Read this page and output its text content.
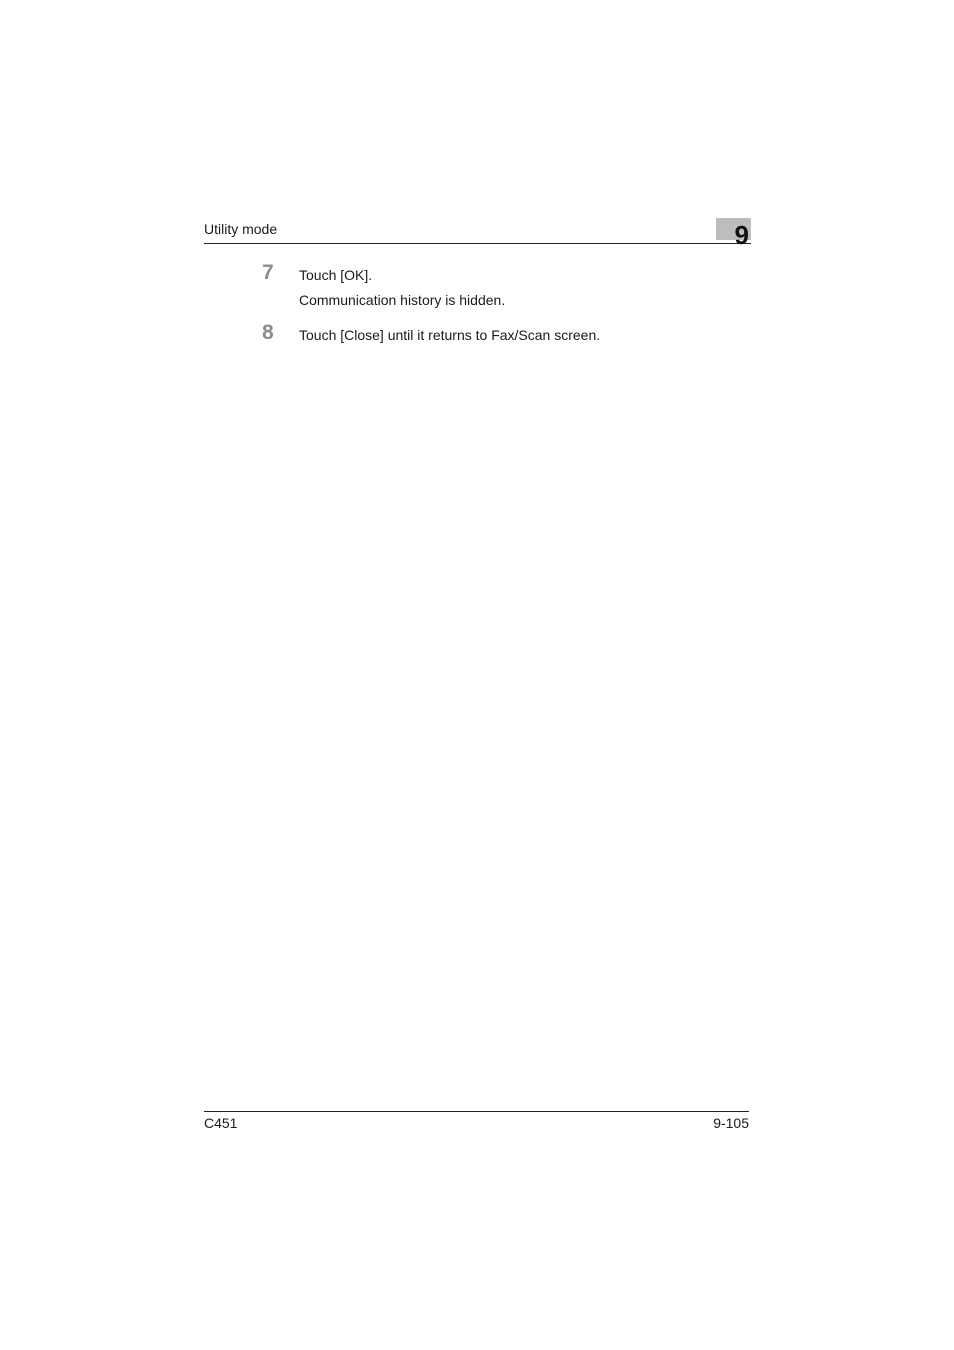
Utility mode	9
7 Touch [OK].
Communication history is hidden.
8 Touch [Close] until it returns to Fax/Scan screen.
C451	9-105
